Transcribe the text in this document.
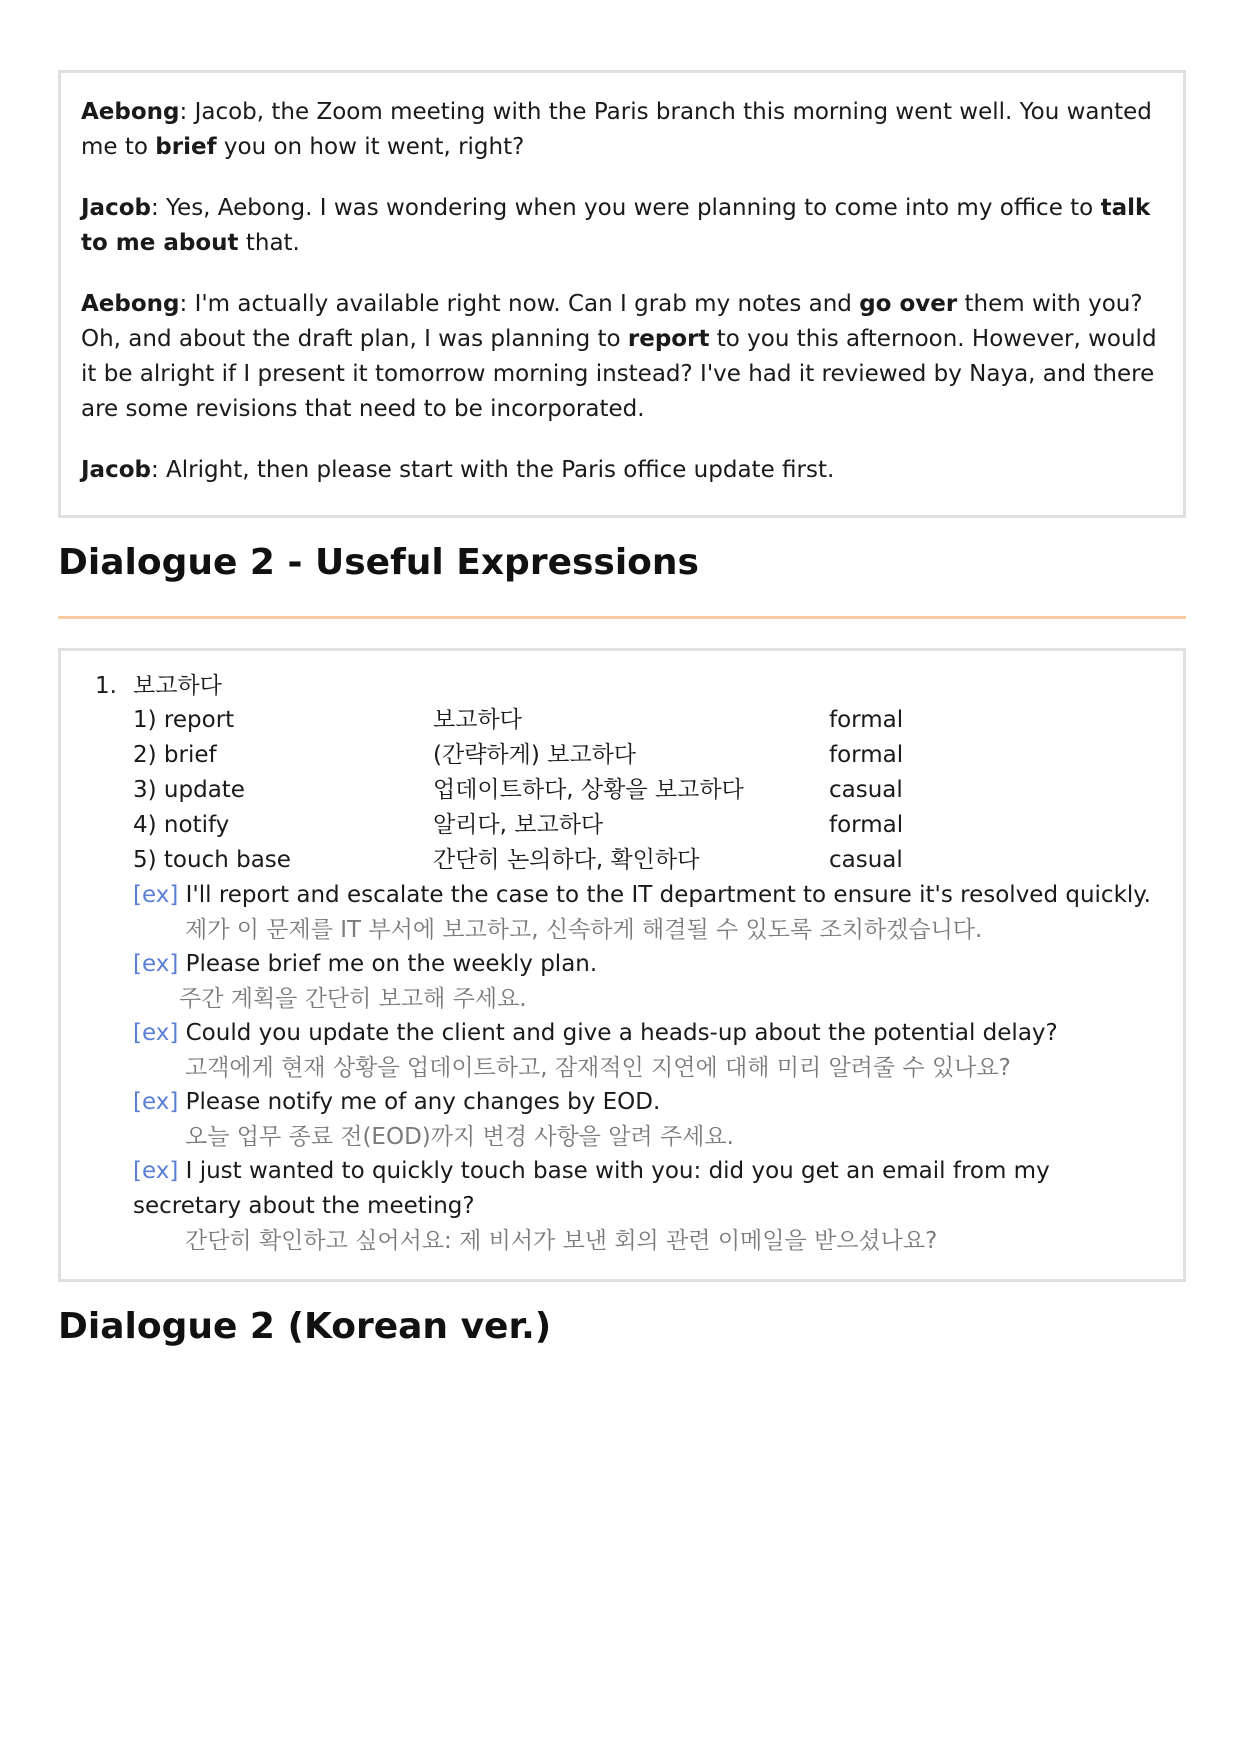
Aebong: Jacob, the Zoom meeting with the Paris branch this morning went well. You wanted me to brief you on how it went, right?

Jacob: Yes, Aebong. I was wondering when you were planning to come into my office to talk to me about that.

Aebong: I'm actually available right now. Can I grab my notes and go over them with you? Oh, and about the draft plan, I was planning to report to you this afternoon. However, would it be alright if I present it tomorrow morning instead? I've had it reviewed by Naya, and there are some revisions that need to be incorporated.

Jacob: Alright, then please start with the Paris office update first.

Dialogue 2 - Useful Expressions
1. 보고하다
1) report	보고하다	formal
2) brief	(간략하게) 보고하다	formal
3) update	업데이트하다, 상황을 보고하다	casual
4) notify	알리다, 보고하다	formal
5) touch base	간단히 논의하다, 확인하다	casual
[ex] I'll report and escalate the case to the IT department to ensure it's resolved quickly.
제가 이 문제를 IT 부서에 보고하고, 신속하게 해결될 수 있도록 조치하겠습니다.
[ex] Please brief me on the weekly plan.
주간 계획을 간단히 보고해 주세요.
[ex] Could you update the client and give a heads-up about the potential delay?
고객에게 현재 상황을 업데이트하고, 잠재적인 지연에 대해 미리 알려줄 수 있나요?
[ex] Please notify me of any changes by EOD.
오늘 업무 종료 전(EOD)까지 변경 사항을 알려 주세요.
[ex] I just wanted to quickly touch base with you: did you get an email from my secretary about the meeting?
간단히 확인하고 싶어서요: 제 비서가 보낸 회의 관련 이메일을 받으셨나요?
Dialogue 2 (Korean ver.)
